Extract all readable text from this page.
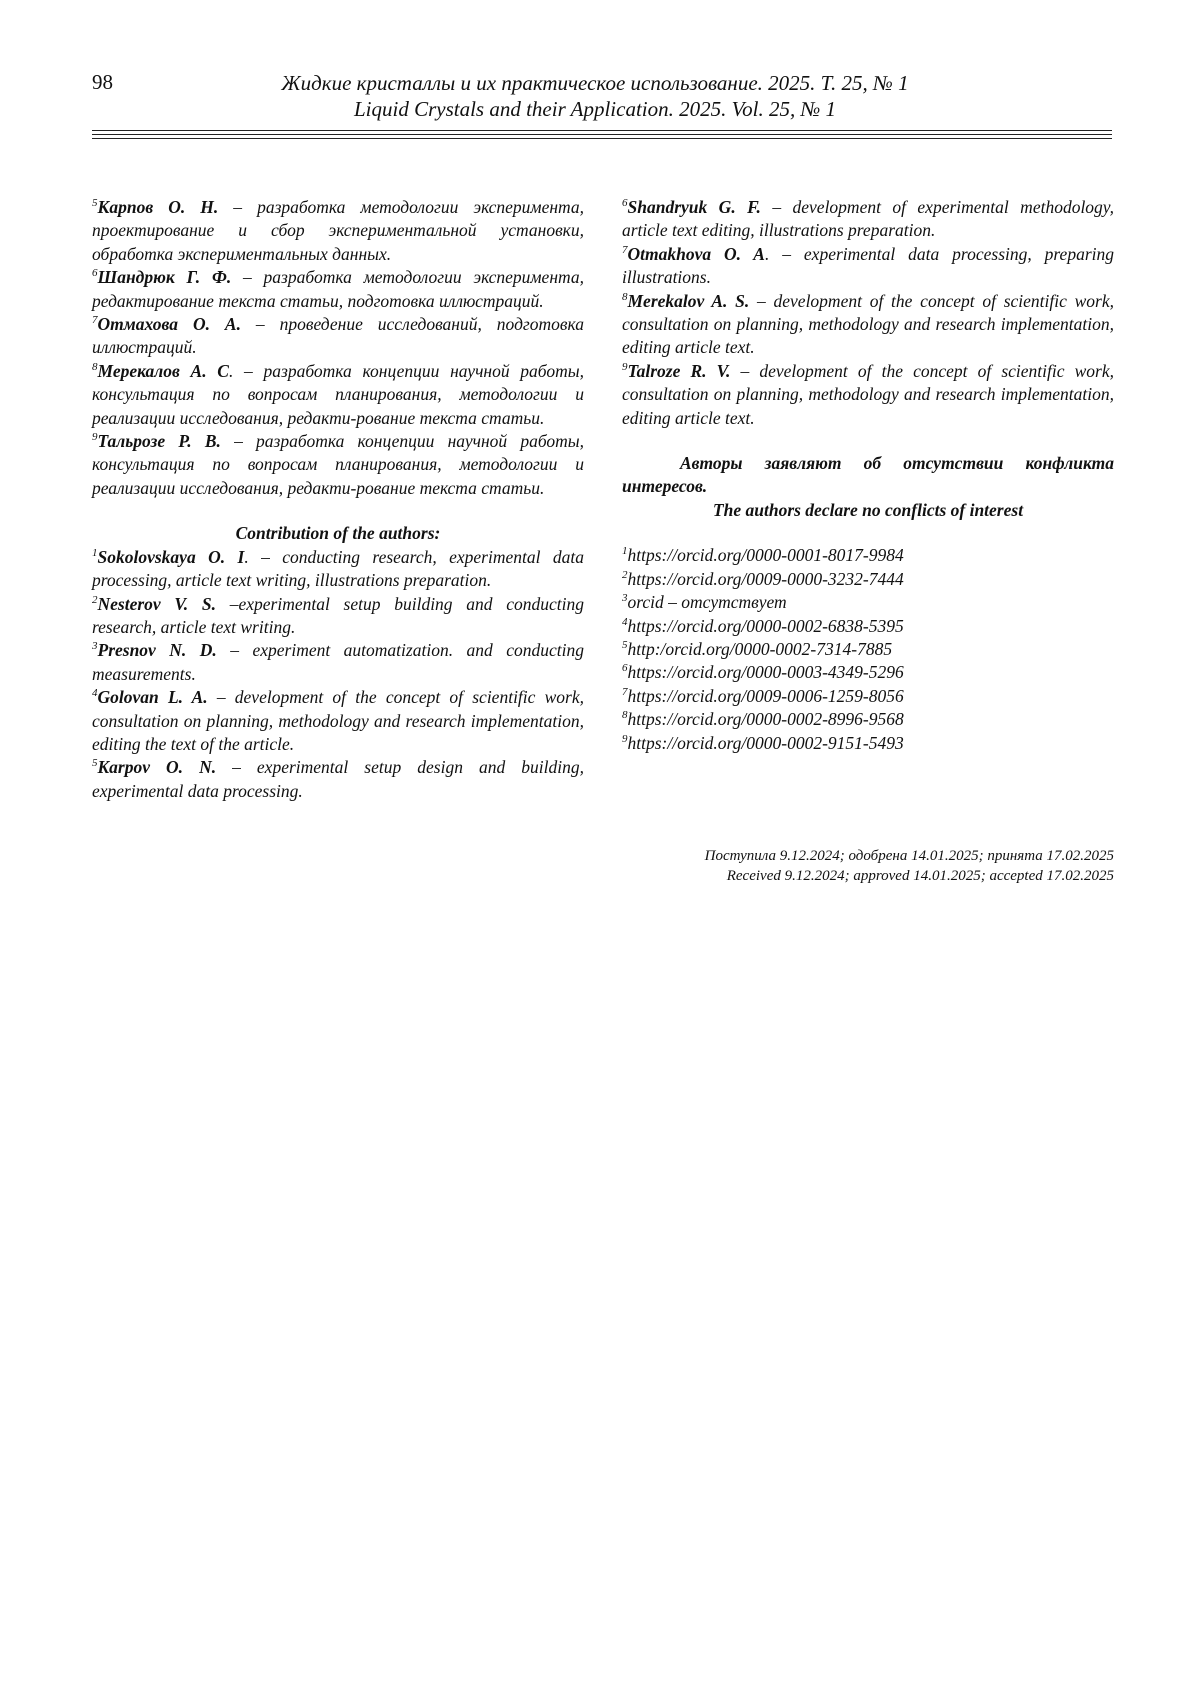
98	Жидкие кристаллы и их практическое использование. 2025. Т. 25, № 1
Liquid Crystals and their Application. 2025. Vol. 25, № 1

5Карпов О. Н. – разработка методологии эксперимента, проектирование и сбор экспериментальной установки, обработка экспериментальных данных.

6Шандрюк Г. Ф. – разработка методологии эксперимента, редактирование текста статьи, подготовка иллюстраций.

7Отмахова О. А. – проведение исследований, подготовка иллюстраций.

8Мерекалов А. С. – разработка концепции научной работы, консультация по вопросам планирования, методологии и реализации исследования, редакти-рование текста статьи.

9Тальрозе Р. В. – разработка концепции научной работы, консультация по вопросам планирования, методологии и реализации исследования, редакти-рование текста статьи.

Contribution of the authors:

1Sokolovskaya O. I. – conducting research, experimental data processing, article text writing, illustrations preparation.

2Nesterov V. S. –experimental setup building and conducting research, article text writing.

3Presnov N. D. – experiment automatization. and conducting measurements.

4Golovan L. A. – development of the concept of scientific work, consultation on planning, methodology and research implementation, editing the text of the article.

5Karpov O. N. – experimental setup design and building, experimental data processing.

6Shandryuk G. F. – development of experimental methodology, article text editing, illustrations preparation.

7Otmakhova O. A. – experimental data processing, preparing illustrations.

8Merekalov A. S. – development of the concept of scientific work, consultation on planning, methodology and research implementation, editing article text.

9Talroze R. V. – development of the concept of scientific work, consultation on planning, methodology and research implementation, editing article text.

Авторы заявляют об отсутствии конфликта интересов.

The authors declare no conflicts of interest

1https://orcid.org/0000-0001-8017-9984

2https://orcid.org/0009-0000-3232-7444

3orcid – отсутствует

4https://orcid.org/0000-0002-6838-5395

5http:/orcid.org/0000-0002-7314-7885

6https://orcid.org/0000-0003-4349-5296

7https://orcid.org/0009-0006-1259-8056

8https://orcid.org/0000-0002-8996-9568

9https://orcid.org/0000-0002-9151-5493

Поступила 9.12.2024; одобрена 14.01.2025; принята 17.02.2025
Received 9.12.2024; approved 14.01.2025; accepted 17.02.2025
